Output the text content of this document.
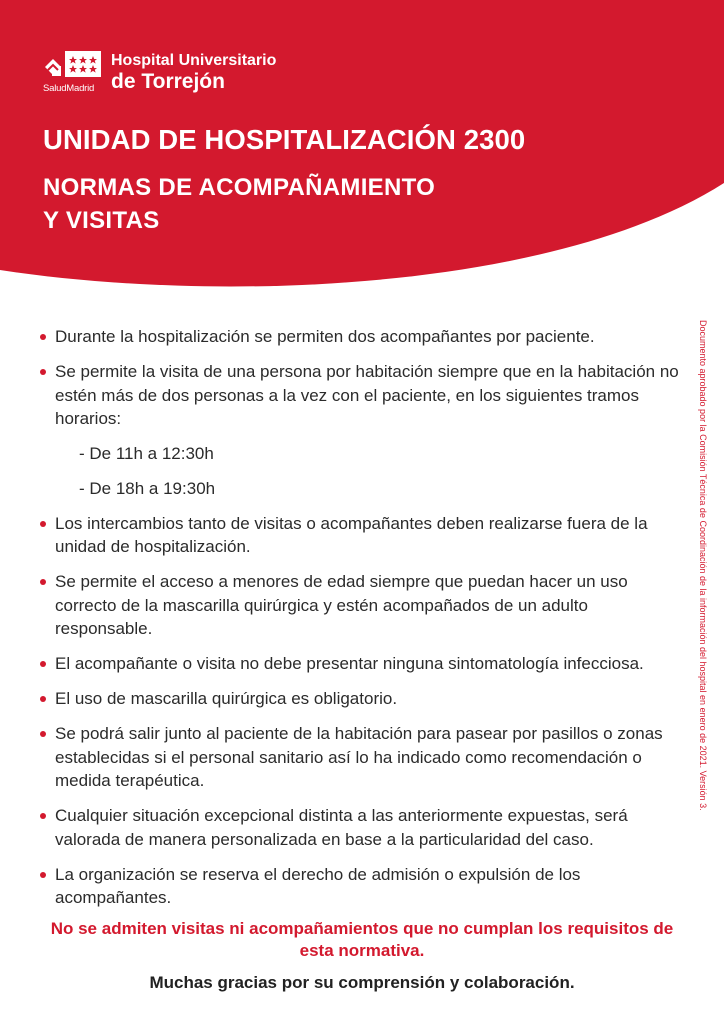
SaludMadrid
Hospital Universitario
de Torrejón
UNIDAD DE HOSPITALIZACIÓN 2300
NORMAS DE ACOMPAÑAMIENTO
Y VISITAS
Durante la hospitalización se permiten dos acompañantes por paciente.
Se permite la visita de una persona por habitación siempre que en la habitación no estén más de dos personas a la vez con el paciente, en los siguientes tramos horarios:
- De 11h a 12:30h
- De 18h a 19:30h
Los intercambios tanto de visitas o acompañantes deben realizarse fuera de la unidad de hospitalización.
Se permite el acceso a menores de edad siempre que puedan hacer un uso correcto de la mascarilla quirúrgica y estén acompañados de un adulto responsable.
El acompañante o visita no debe presentar ninguna sintomatología infecciosa.
El uso de mascarilla quirúrgica es obligatorio.
Se podrá salir junto al paciente de la habitación para pasear por pasillos o zonas establecidas si el personal sanitario así lo ha indicado como recomendación o medida terapéutica.
Cualquier situación excepcional distinta a las anteriormente expuestas, será valorada de manera personalizada en base a la particularidad del caso.
La organización se reserva el derecho de admisión o expulsión de los acompañantes.

No se admiten visitas ni acompañamientos que no cumplan los requisitos de esta normativa.

Muchas gracias por su comprensión y colaboración.

Documento aprobado por la Comisión Técnica de Coordinación de la información del hospital en enero de 2021. Versión 3.
